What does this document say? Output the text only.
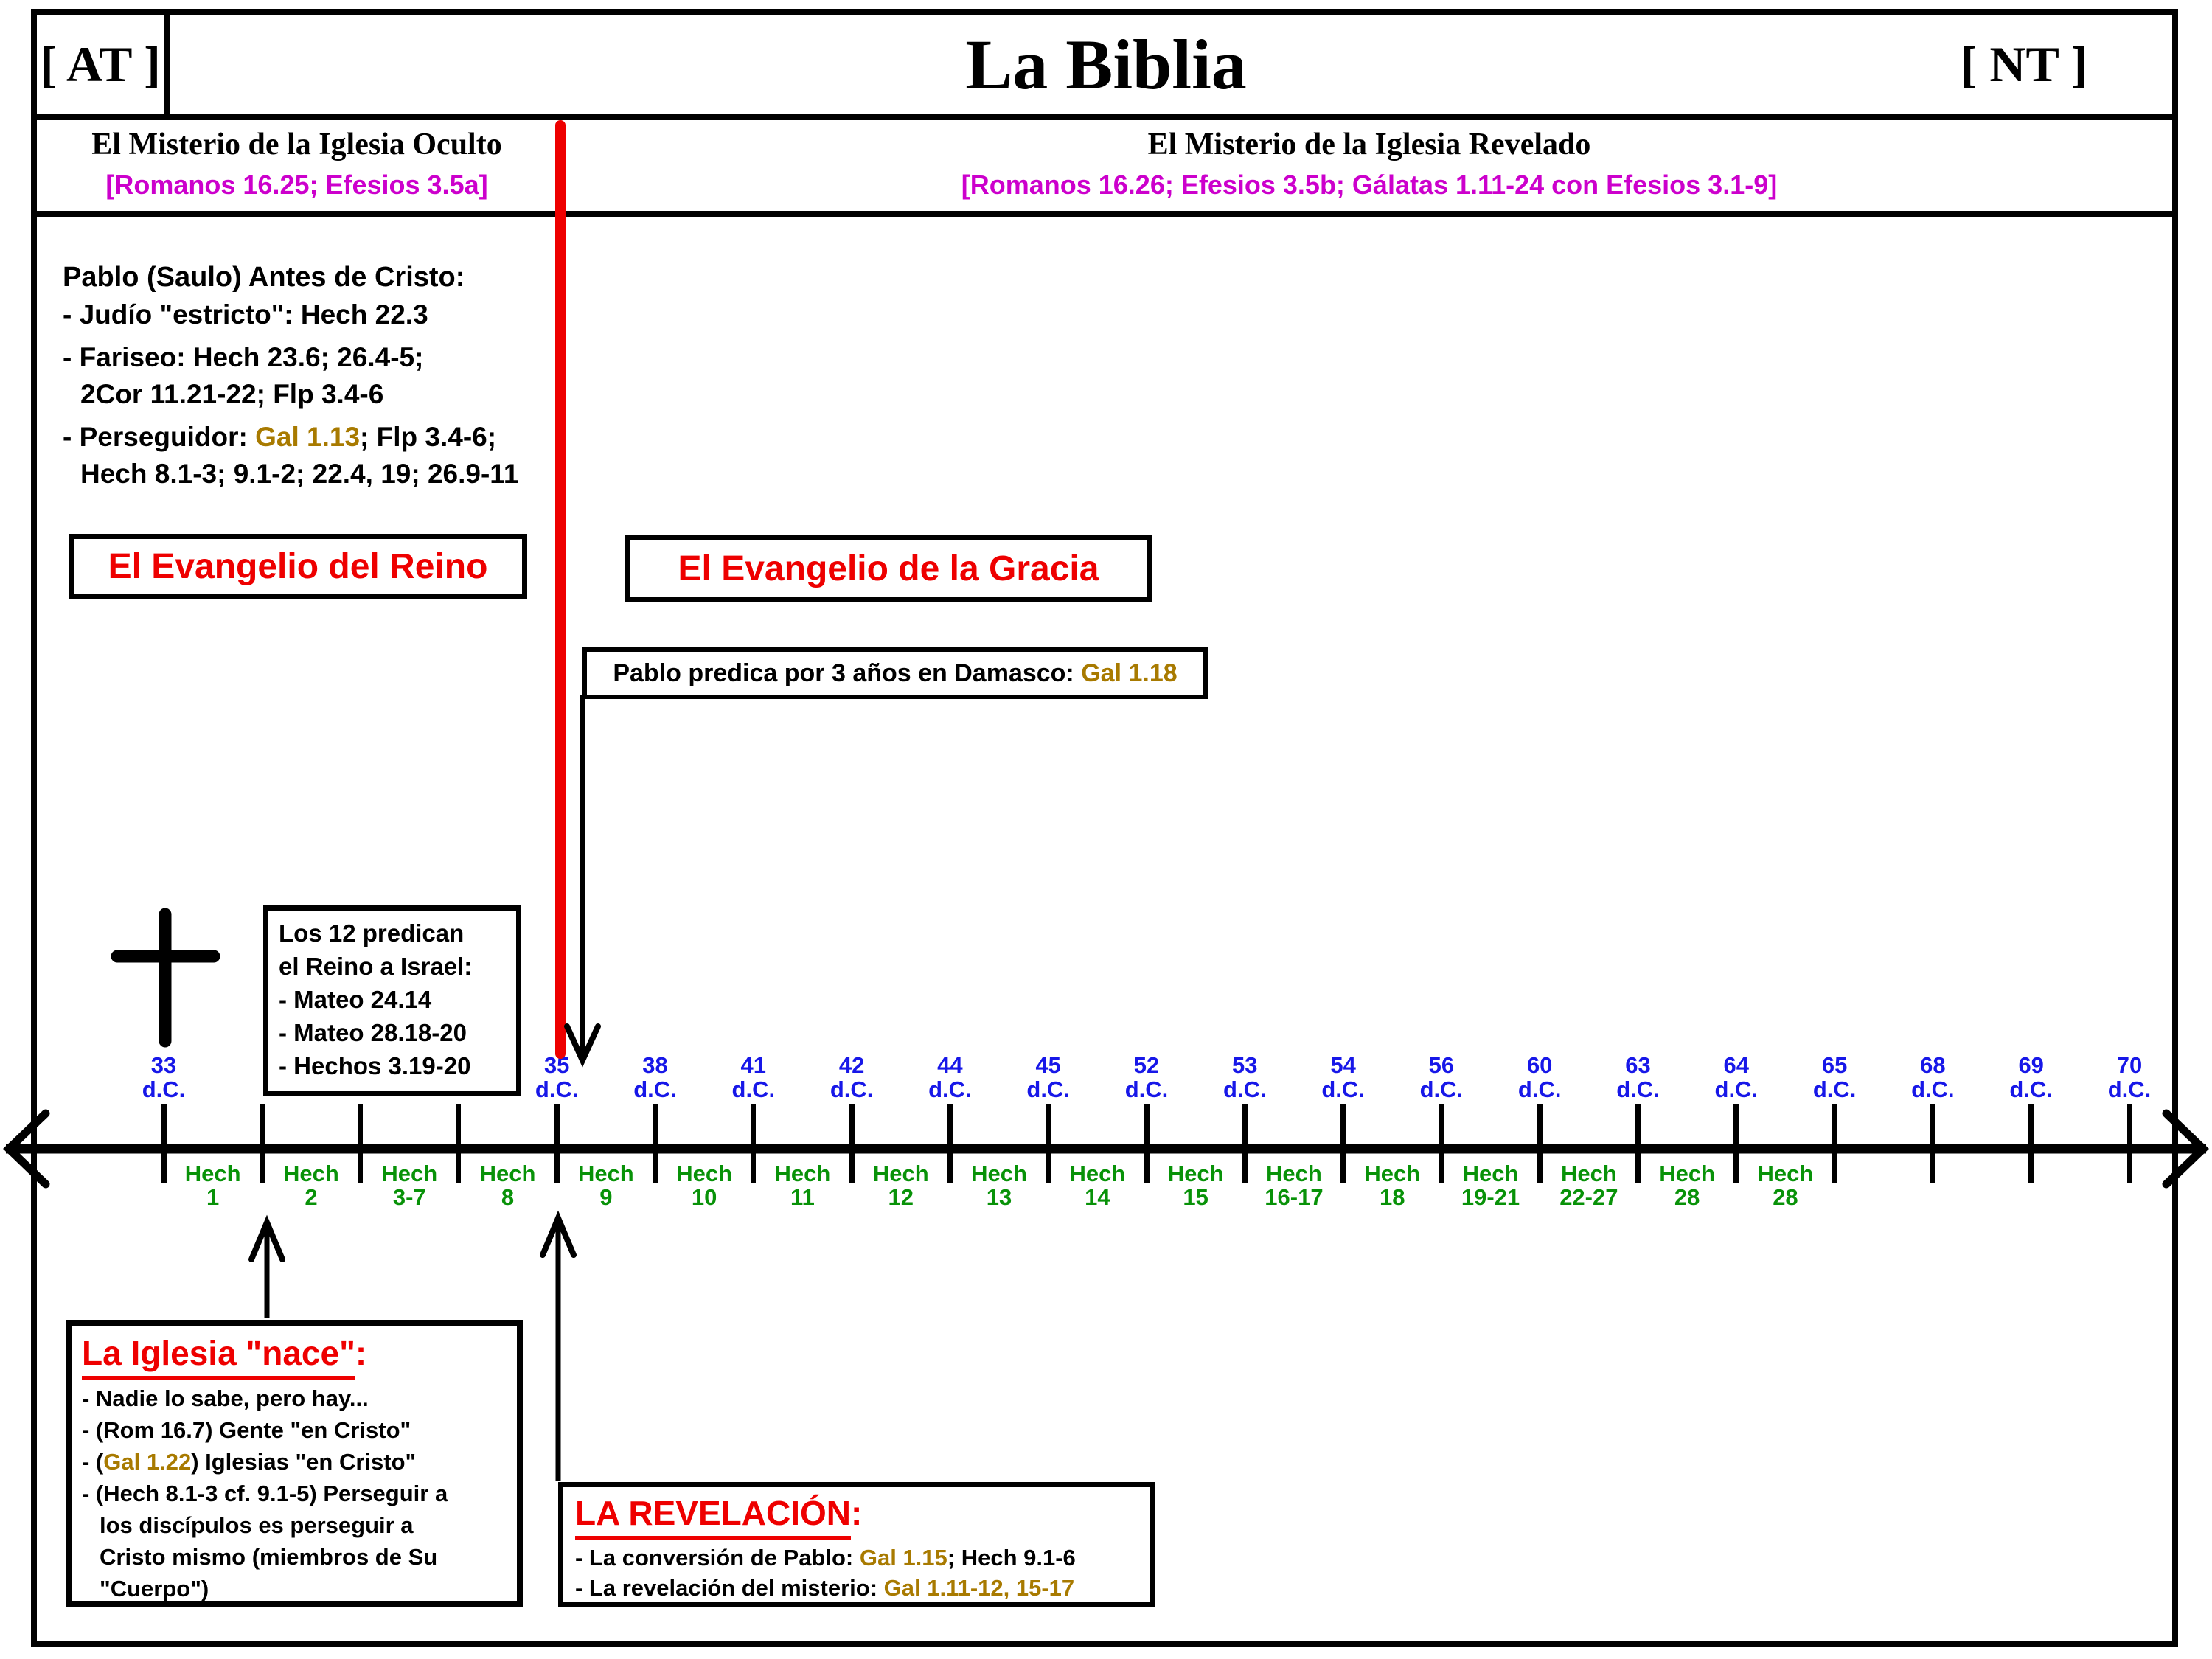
[ AT ]	La Biblia	[ NT ]
El Misterio de la Iglesia Oculto
[Romanos 16.25; Efesios 3.5a]
El Misterio de la Iglesia Revelado
[Romanos 16.26; Efesios 3.5b; Gálatas 1.11-24 con Efesios 3.1-9]
Pablo (Saulo) Antes de Cristo:
- Judío "estricto": Hech 22.3
- Fariseo: Hech 23.6; 26.4-5;
2Cor 11.21-22; Flp 3.4-6
- Perseguidor: Gal 1.13; Flp 3.4-6;
Hech 8.1-3; 9.1-2; 22.4, 19; 26.9-11
El Evangelio del Reino	El Evangelio de la Gracia
Pablo predica por 3 años en Damasco: Gal 1.18
Los 12 predican
el Reino a Israel:
- Mateo 24.14
- Mateo 28.18-20
- Hechos 3.19-20
33
d.C.
35
d.C.
38
d.C.
41
d.C.
42
d.C.
44
d.C.
45
d.C.
52
d.C.
53
d.C.
54
d.C.
56
d.C.
60
d.C.
63
d.C.
64
d.C.
65
d.C.
68
d.C.
69
d.C.
70
d.C.
Hech
1
Hech
2
Hech
3-7
Hech
8
Hech
9
Hech
10
Hech
11
Hech
12
Hech
13
Hech
14
Hech
15
Hech
16-17
Hech
18
Hech
19-21
Hech
22-27
Hech
28
Hech
28
La Iglesia "nace":
- Nadie lo sabe, pero hay...
- (Rom 16.7) Gente "en Cristo"
- (Gal 1.22) Iglesias "en Cristo"
- (Hech 8.1-3 cf. 9.1-5) Perseguir a
los discípulos es perseguir a
Cristo mismo (miembros de Su
"Cuerpo")
LA REVELACIÓN:
- La conversión de Pablo: Gal 1.15; Hech 9.1-6
- La revelación del misterio: Gal 1.11-12, 15-17
